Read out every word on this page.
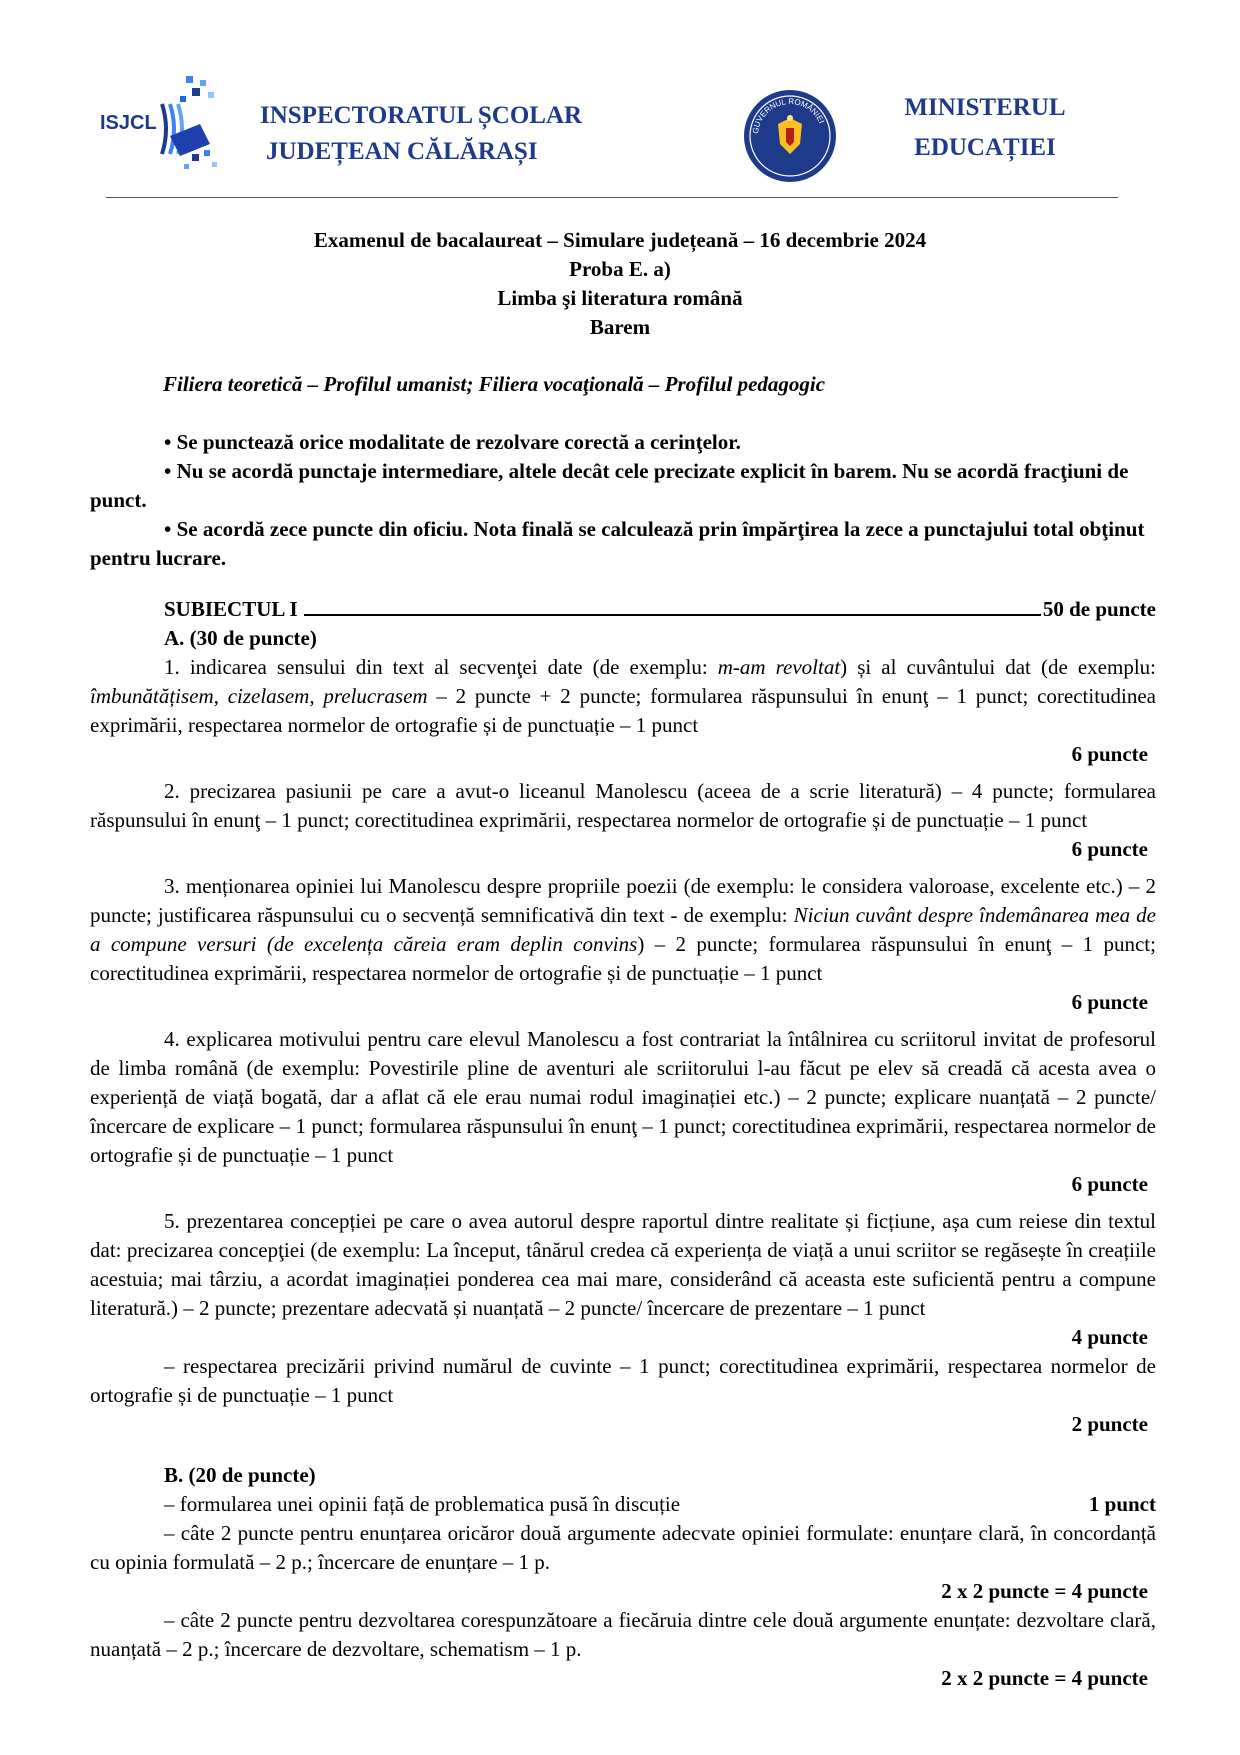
ISJCL	INSPECTORATUL ȘCOLAR
JUDEȚEAN CĂLĂRAȘI
GUVERNUL ROMÂNIEI
MINISTERUL
EDUCAȚIEI
Examenul de bacalaureat – Simulare județeană – 16 decembrie 2024
Proba E. a)
Limba şi literatura română
Barem
Filiera teoretică – Profilul umanist; Filiera vocaţională – Profilul pedagogic

• Se punctează orice modalitate de rezolvare corectă a cerinţelor.

• Nu se acordă punctaje intermediare, altele decât cele precizate explicit în barem. Nu se acordă fracţiuni de punct.

• Se acordă zece puncte din oficiu. Nota finală se calculează prin împărţirea la zece a punctajului total obţinut pentru lucrare.

SUBIECTUL I	50 de puncte

A. (30 de puncte)

1. indicarea sensului din text al secvenţei date (de exemplu: m-am revoltat) și al cuvântului dat (de exemplu: îmbunătățisem, cizelasem, prelucrasem – 2 puncte + 2 puncte; formularea răspunsului în enunţ – 1 punct; corectitudinea exprimării, respectarea normelor de ortografie și de punctuație – 1 punct

6 puncte

2. precizarea pasiunii pe care a avut-o liceanul Manolescu (aceea de a scrie literatură) – 4 puncte; formularea răspunsului în enunţ – 1 punct; corectitudinea exprimării, respectarea normelor de ortografie și de punctuație – 1 punct

6 puncte

3. menționarea opiniei lui Manolescu despre propriile poezii (de exemplu: le considera valoroase, excelente etc.) – 2 puncte; justificarea răspunsului cu o secvență semnificativă din text - de exemplu: Niciun cuvânt despre îndemânarea mea de a compune versuri (de excelența căreia eram deplin convins) – 2 puncte; formularea răspunsului în enunţ – 1 punct; corectitudinea exprimării, respectarea normelor de ortografie și de punctuație – 1 punct

6 puncte

4. explicarea motivului pentru care elevul Manolescu a fost contrariat la întâlnirea cu scriitorul invitat de profesorul de limba română (de exemplu: Povestirile pline de aventuri ale scriitorului l-au făcut pe elev să creadă că acesta avea o experiență de viață bogată, dar a aflat că ele erau numai rodul imaginației etc.) – 2 puncte; explicare nuanțată – 2 puncte/încercare de explicare – 1 punct; formularea răspunsului în enunţ – 1 punct; corectitudinea exprimării, respectarea normelor de ortografie și de punctuație – 1 punct

6 puncte

5. prezentarea concepției pe care o avea autorul despre raportul dintre realitate și ficțiune, așa cum reiese din textul dat: precizarea concepţiei (de exemplu: La început, tânărul credea că experiența de viață a unui scriitor se regăsește în creațiile acestuia; mai târziu, a acordat imaginației ponderea cea mai mare, considerând că aceasta este suficientă pentru a compune literatură.) – 2 puncte; prezentare adecvată și nuanțată – 2 puncte/ încercare de prezentare – 1 punct

4 puncte

– respectarea precizării privind numărul de cuvinte – 1 punct; corectitudinea exprimării, respectarea normelor de ortografie și de punctuație – 1 punct

2 puncte

B. (20 de puncte)

– formularea unei opinii față de problematica pusă în discuție	1 punct

– câte 2 puncte pentru enunțarea oricăror două argumente adecvate opiniei formulate: enunțare clară, în concordanță cu opinia formulată – 2 p.; încercare de enunțare – 1 p.

2 x 2 puncte = 4 puncte

– câte 2 puncte pentru dezvoltarea corespunzătoare a fiecăruia dintre cele două argumente enunțate: dezvoltare clară, nuanțată – 2 p.; încercare de dezvoltare, schematism – 1 p.

2 x 2 puncte = 4 puncte
